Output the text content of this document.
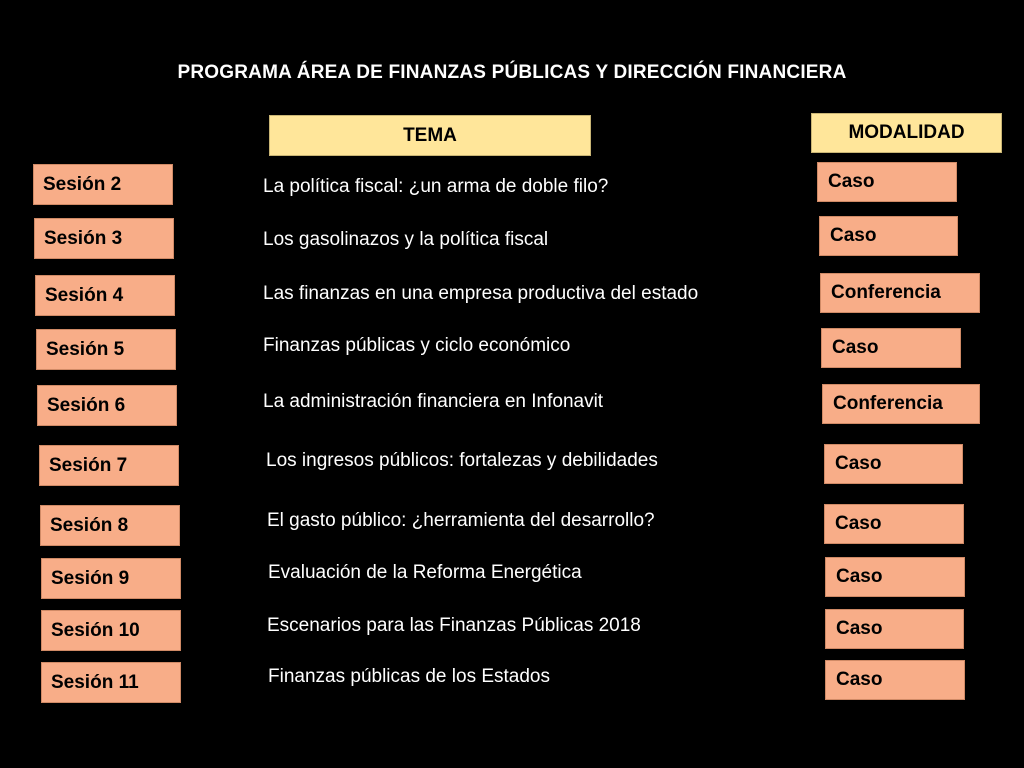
PROGRAMA ÁREA DE FINANZAS PÚBLICAS Y DIRECCIÓN FINANCIERA
TEMA	MODALIDAD
Sesión 2	La política fiscal: ¿un arma de doble filo?	Caso
Sesión 3	Los gasolinazos y la política fiscal	Caso
Sesión 4	Las finanzas en una empresa productiva del estado	Conferencia
Sesión 5	Finanzas públicas y ciclo económico	Caso
Sesión 6	La administración financiera en Infonavit	Conferencia
Sesión 7	Los ingresos públicos: fortalezas y debilidades	Caso
Sesión 8	El gasto público: ¿herramienta del desarrollo?	Caso
Sesión 9	Evaluación de la Reforma Energética	Caso
Sesión 10	Escenarios para las Finanzas Públicas 2018	Caso
Sesión 11	Finanzas públicas de los Estados	Caso
